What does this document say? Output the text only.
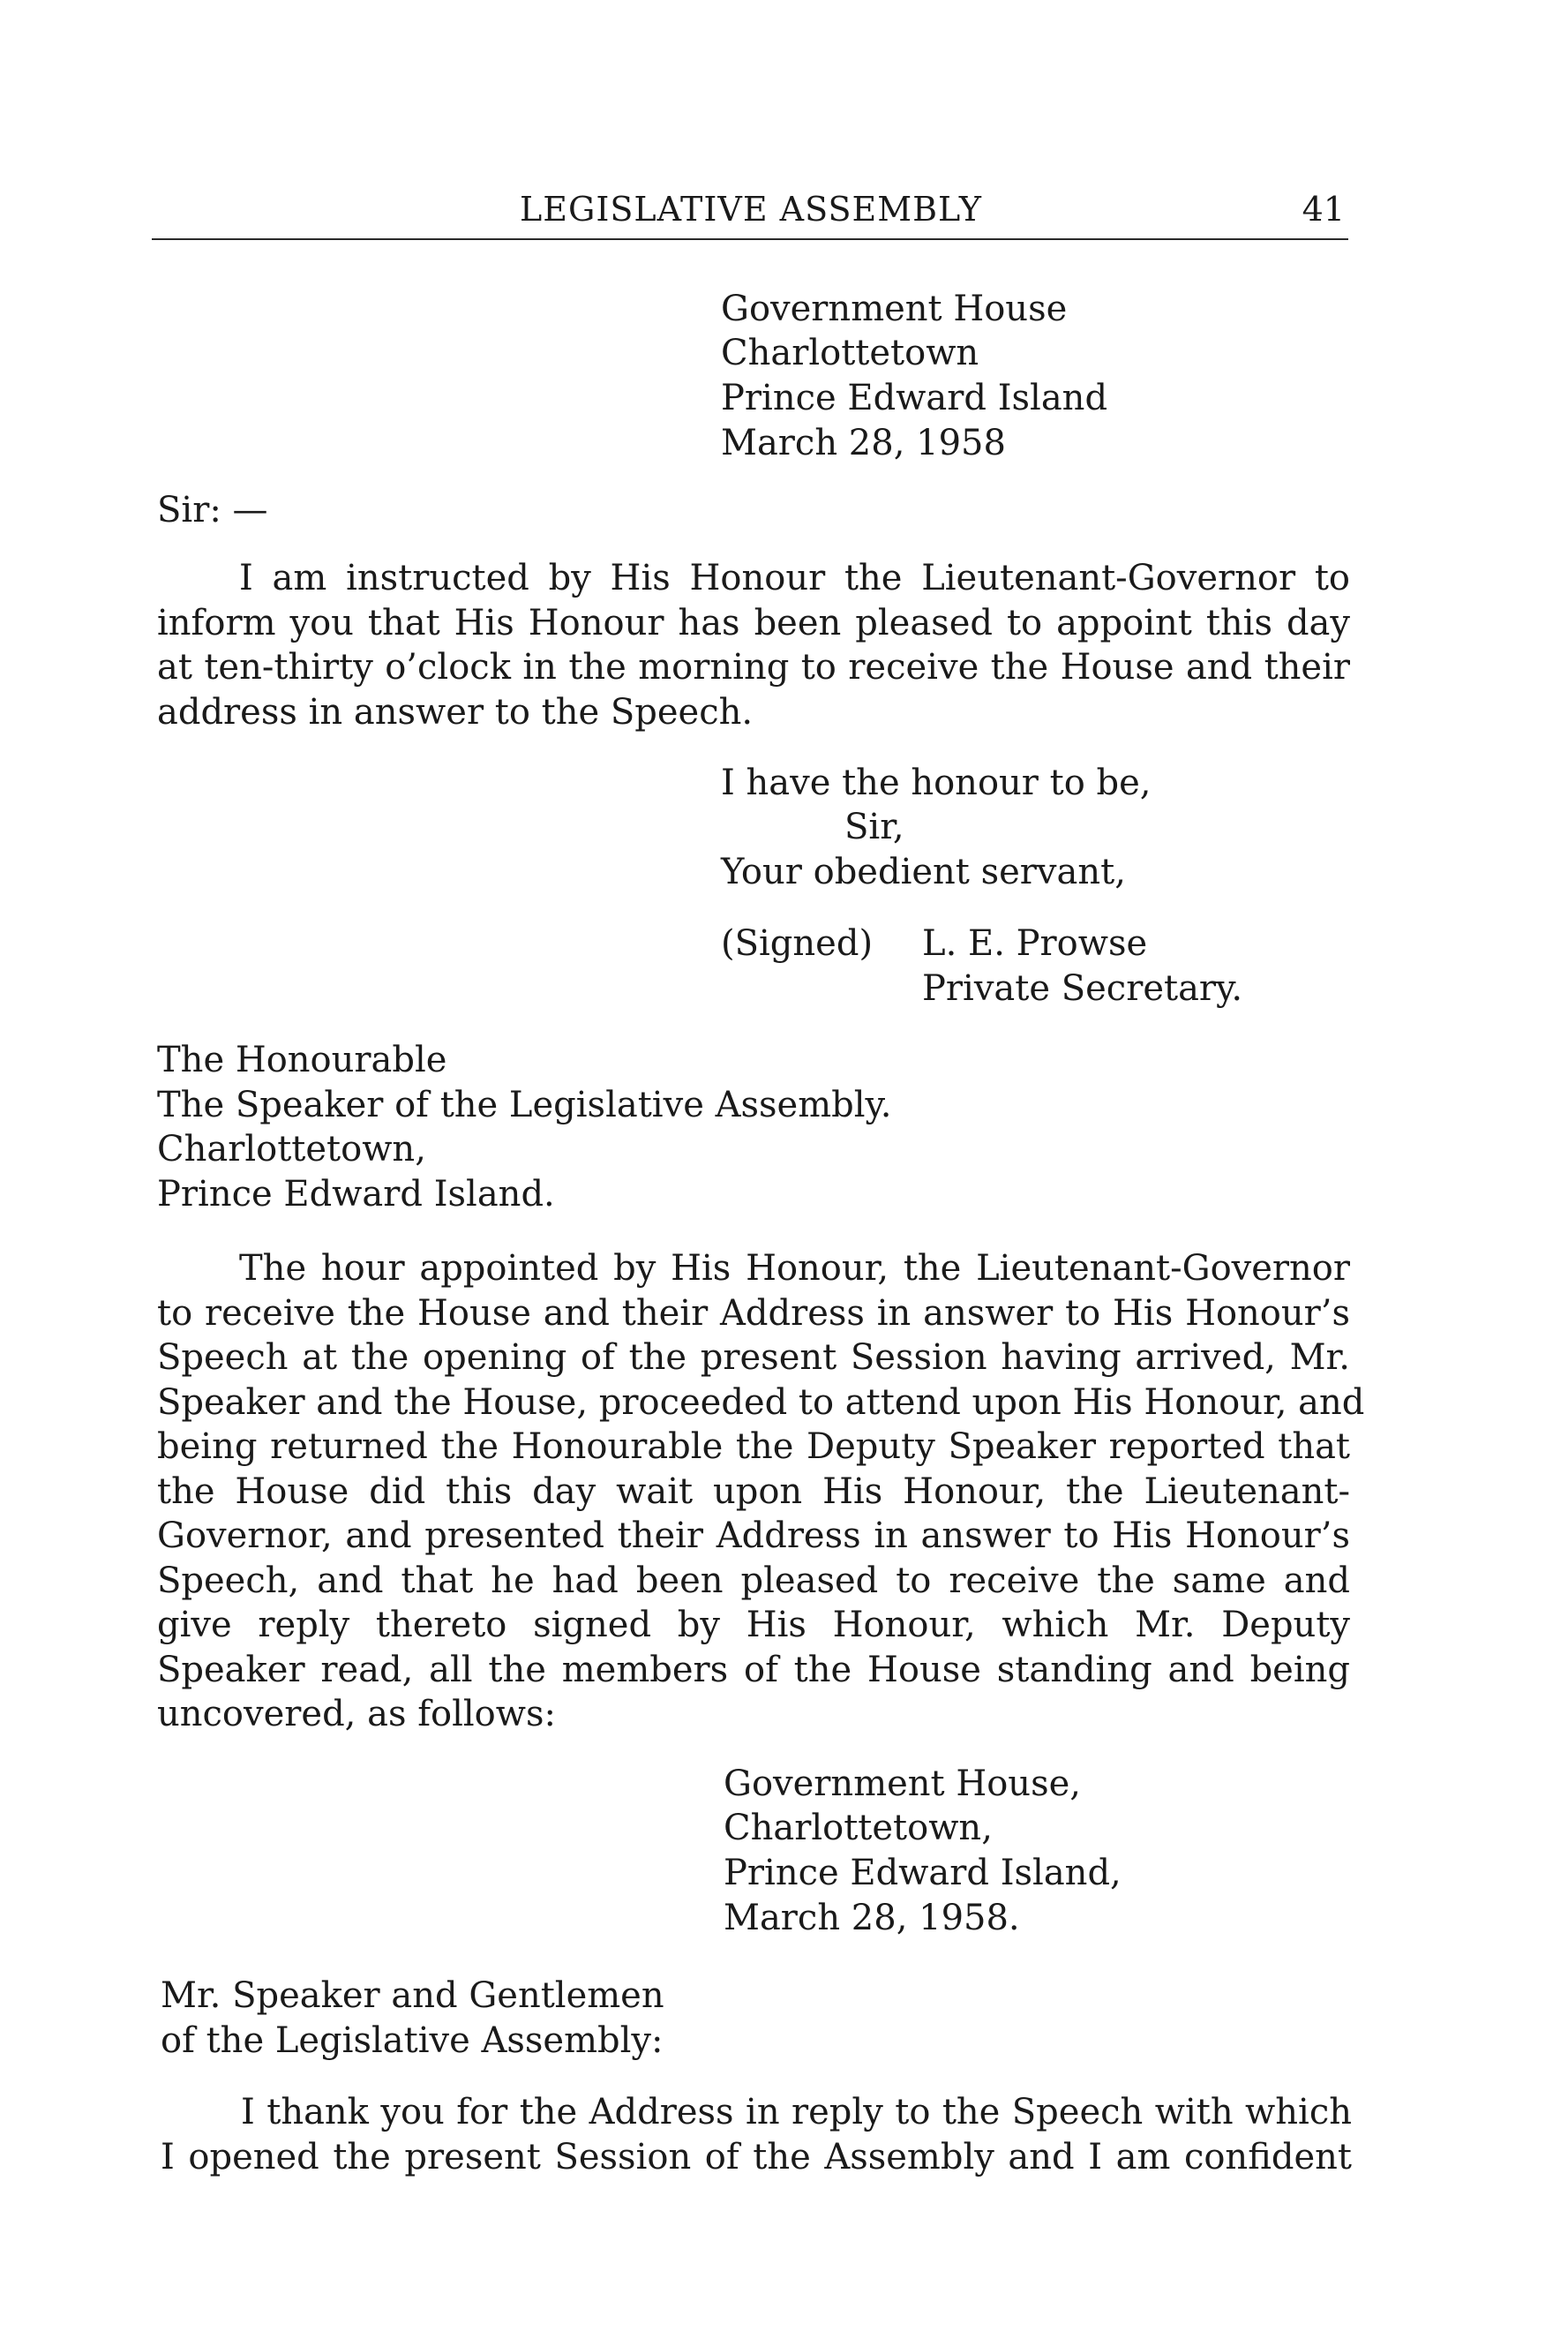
LEGISLATIVE ASSEMBLY	41
Government House
Charlottetown
Prince Edward Island
March 28, 1958
Sir: —
I am instructed by His Honour the Lieutenant-Governor to
inform you that His Honour has been pleased to appoint this day
at ten-thirty o’clock in the morning to receive the House and their
address in answer to the Speech.
I have the honour to be,
Sir,
Your obedient servant,
(Signed) L. E. Prowse
Private Secretary.
The Honourable
The Speaker of the Legislative Assembly.
Charlottetown,
Prince Edward Island.
The hour appointed by His Honour, the Lieutenant-Governor
to receive the House and their Address in answer to His Honour’s
Speech at the opening of the present Session having arrived, Mr.
Speaker and the House, proceeded to attend upon His Honour, and
being returned the Honourable the Deputy Speaker reported that
the House did this day wait upon His Honour, the Lieutenant-
Governor, and presented their Address in answer to His Honour’s
Speech, and that he had been pleased to receive the same and
give reply thereto signed by His Honour, which Mr. Deputy
Speaker read, all the members of the House standing and being
uncovered, as follows:
Government House,
Charlottetown,
Prince Edward Island,
March 28, 1958.
Mr. Speaker and Gentlemen
of the Legislative Assembly:
I thank you for the Address in reply to the Speech with which
I opened the present Session of the Assembly and I am confident
